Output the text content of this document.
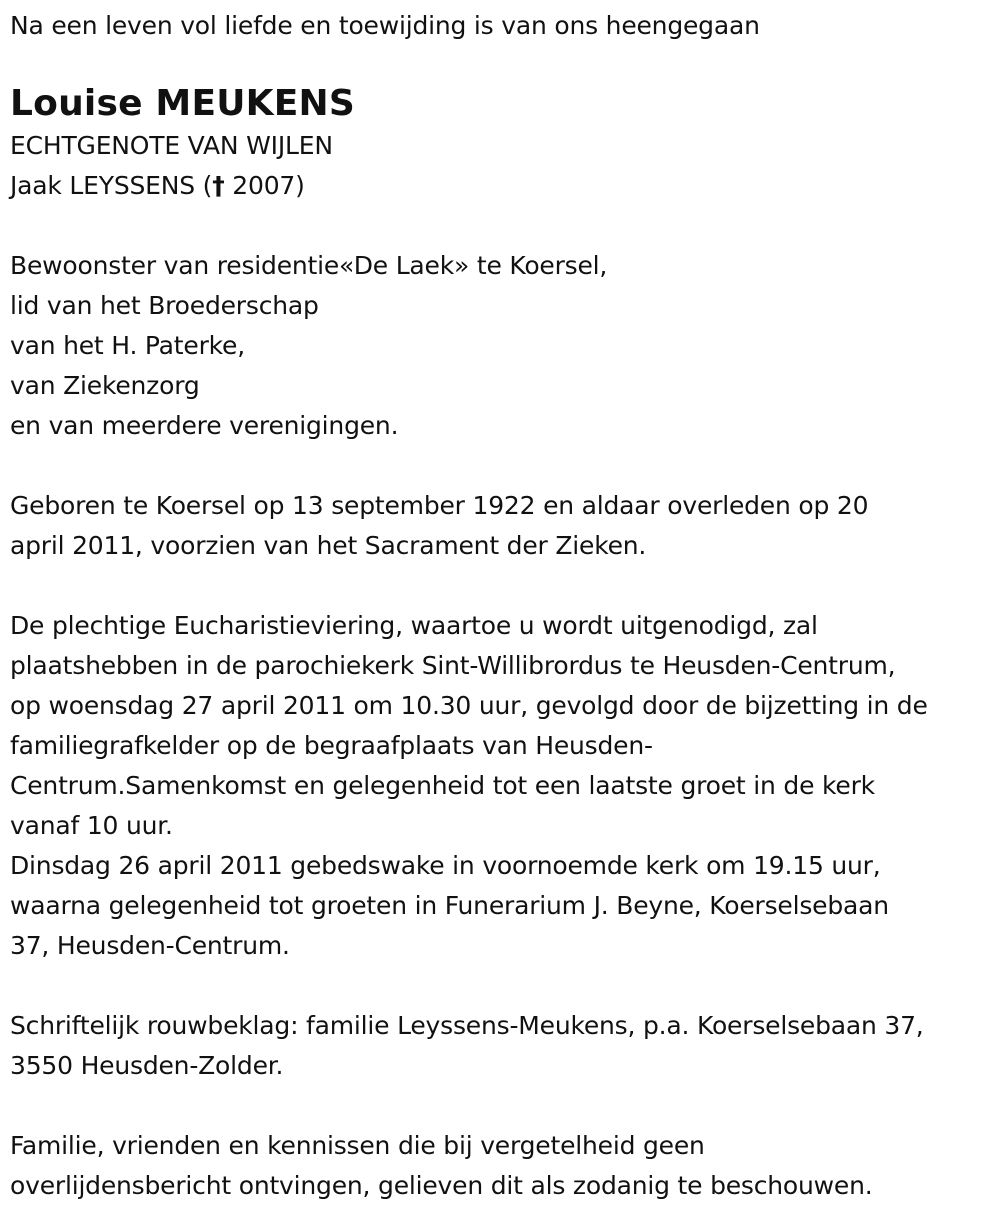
Na een leven vol liefde en toewijding is van ons heengegaan

Louise MEUKENS

ECHTGENOTE VAN WIJLEN

Jaak LEYSSENS († 2007)

Bewoonster van residentie«De Laek» te Koersel,

lid van het Broederschap

van het H. Paterke,

van Ziekenzorg

en van meerdere verenigingen.

Geboren te Koersel op 13 september 1922 en aldaar overleden op 20

april 2011, voorzien van het Sacrament der Zieken.

De plechtige Eucharistieviering, waartoe u wordt uitgenodigd, zal

plaatshebben in de parochiekerk Sint-Willibrordus te Heusden-Centrum,

op woensdag 27 april 2011 om 10.30 uur, gevolgd door de bijzetting in de

familiegrafkelder op de begraafplaats van Heusden-

Centrum.Samenkomst en gelegenheid tot een laatste groet in de kerk

vanaf 10 uur.

Dinsdag 26 april 2011 gebedswake in voornoemde kerk om 19.15 uur,

waarna gelegenheid tot groeten in Funerarium J. Beyne, Koerselsebaan

37, Heusden-Centrum.

Schriftelijk rouwbeklag: familie Leyssens-Meukens, p.a. Koerselsebaan 37,

3550 Heusden-Zolder.

Familie, vrienden en kennissen die bij vergetelheid geen

overlijdensbericht ontvingen, gelieven dit als zodanig te beschouwen.
